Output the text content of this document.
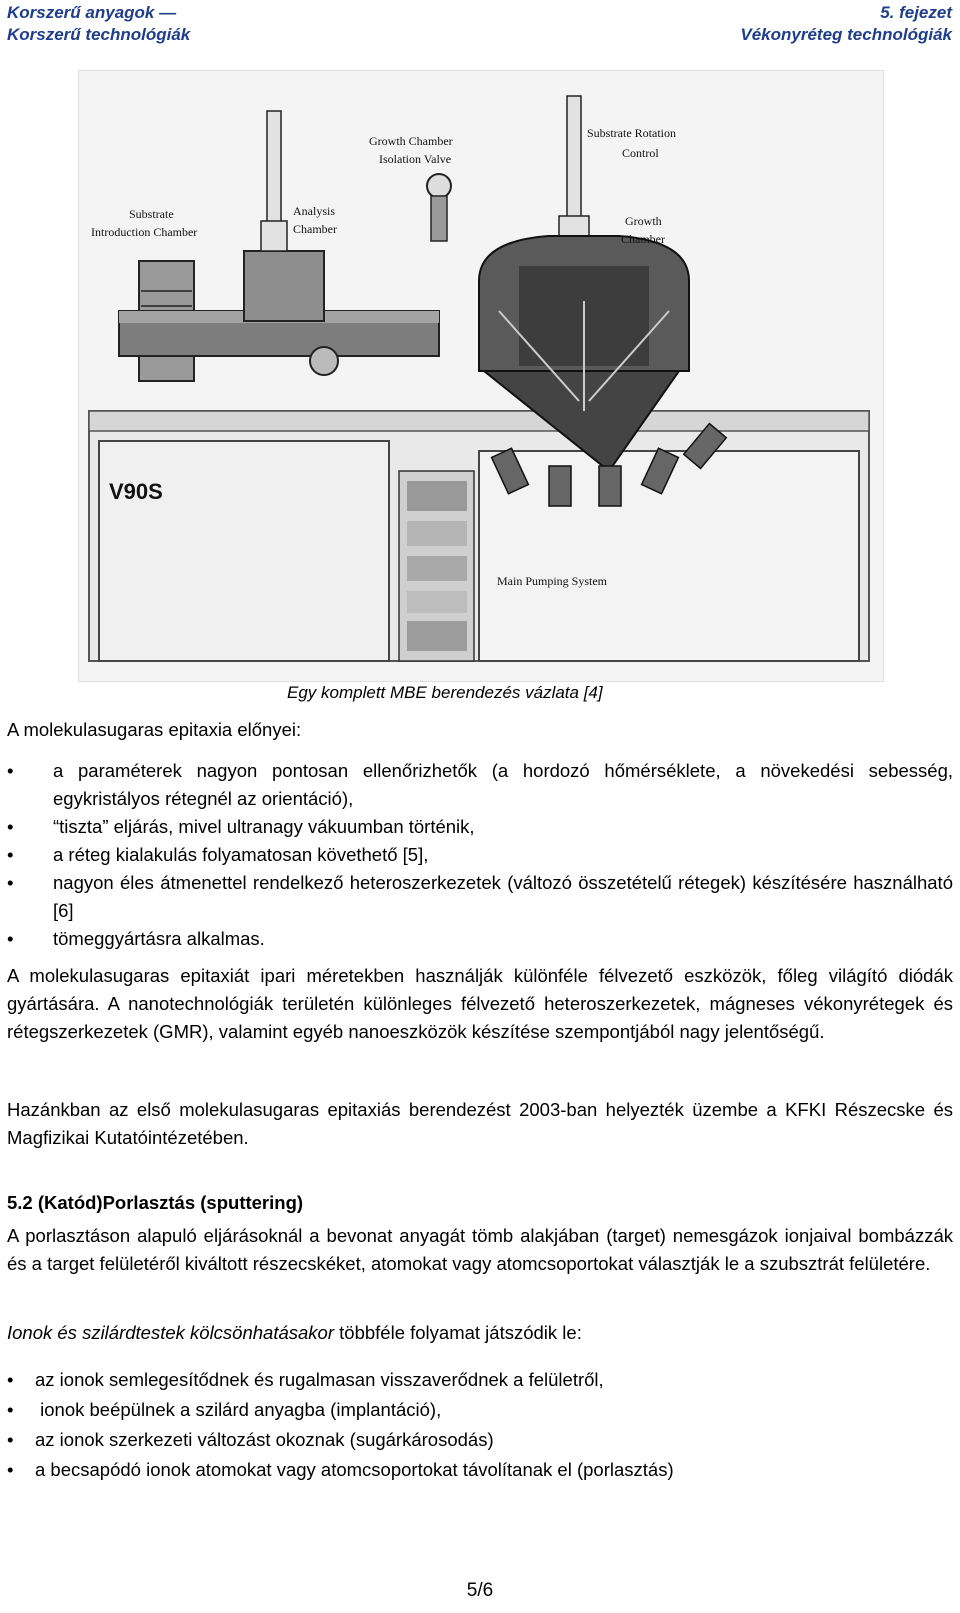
Korszerű anyagok —
Korszerű technológiák
5. fejezet
Vékonyréteg technológiák
Growth Chamber
Isolation Valve
Substrate Rotation
Control
Substrate
Introduction Chamber
Analysis
Chamber
Growth
Chamber
V90S
Main Pumping System
Egy komplett MBE berendezés vázlata [4]
A molekulasugaras epitaxia előnyei:
• a paraméterek nagyon pontosan ellenőrizhetők (a hordozó hőmérséklete, a növekedési sebesség, egykristályos rétegnél az orientáció),
• “tiszta” eljárás, mivel ultranagy vákuumban történik,
• a réteg kialakulás folyamatosan követhető [5],
• nagyon éles átmenettel rendelkező heteroszerkezetek (változó összetételű rétegek) készítésére használható [6]
• tömeggyártásra alkalmas.
A molekulasugaras epitaxiát ipari méretekben használják különféle félvezető eszközök, főleg világító diódák gyártására. A nanotechnológiák területén különleges félvezető heteroszerkezetek, mágneses vékonyrétegek és rétegszerkezetek (GMR), valamint egyéb nanoeszközök készítése szempontjából nagy jelentőségű.
Hazánkban az első molekulasugaras epitaxiás berendezést 2003-ban helyezték üzembe a KFKI Részecske és Magfizikai Kutatóintézetében.
5.2 (Katód)Porlasztás (sputtering)
A porlasztáson alapuló eljárásoknál a bevonat anyagát tömb alakjában (target) nemesgázok ionjaival bombázzák és a target felületéről kiváltott részecskéket, atomokat vagy atomcsoportokat választják le a szubsztrát felületére.
Ionok és szilárdtestek kölcsönhatásakor többféle folyamat játszódik le:
• az ionok semlegesítődnek és rugalmasan visszaverődnek a felületről,
•  ionok beépülnek a szilárd anyagba (implantáció),
• az ionok szerkezeti változást okoznak (sugárkárosodás)
• a becsapódó ionok atomokat vagy atomcsoportokat távolítanak el (porlasztás)
5/6
